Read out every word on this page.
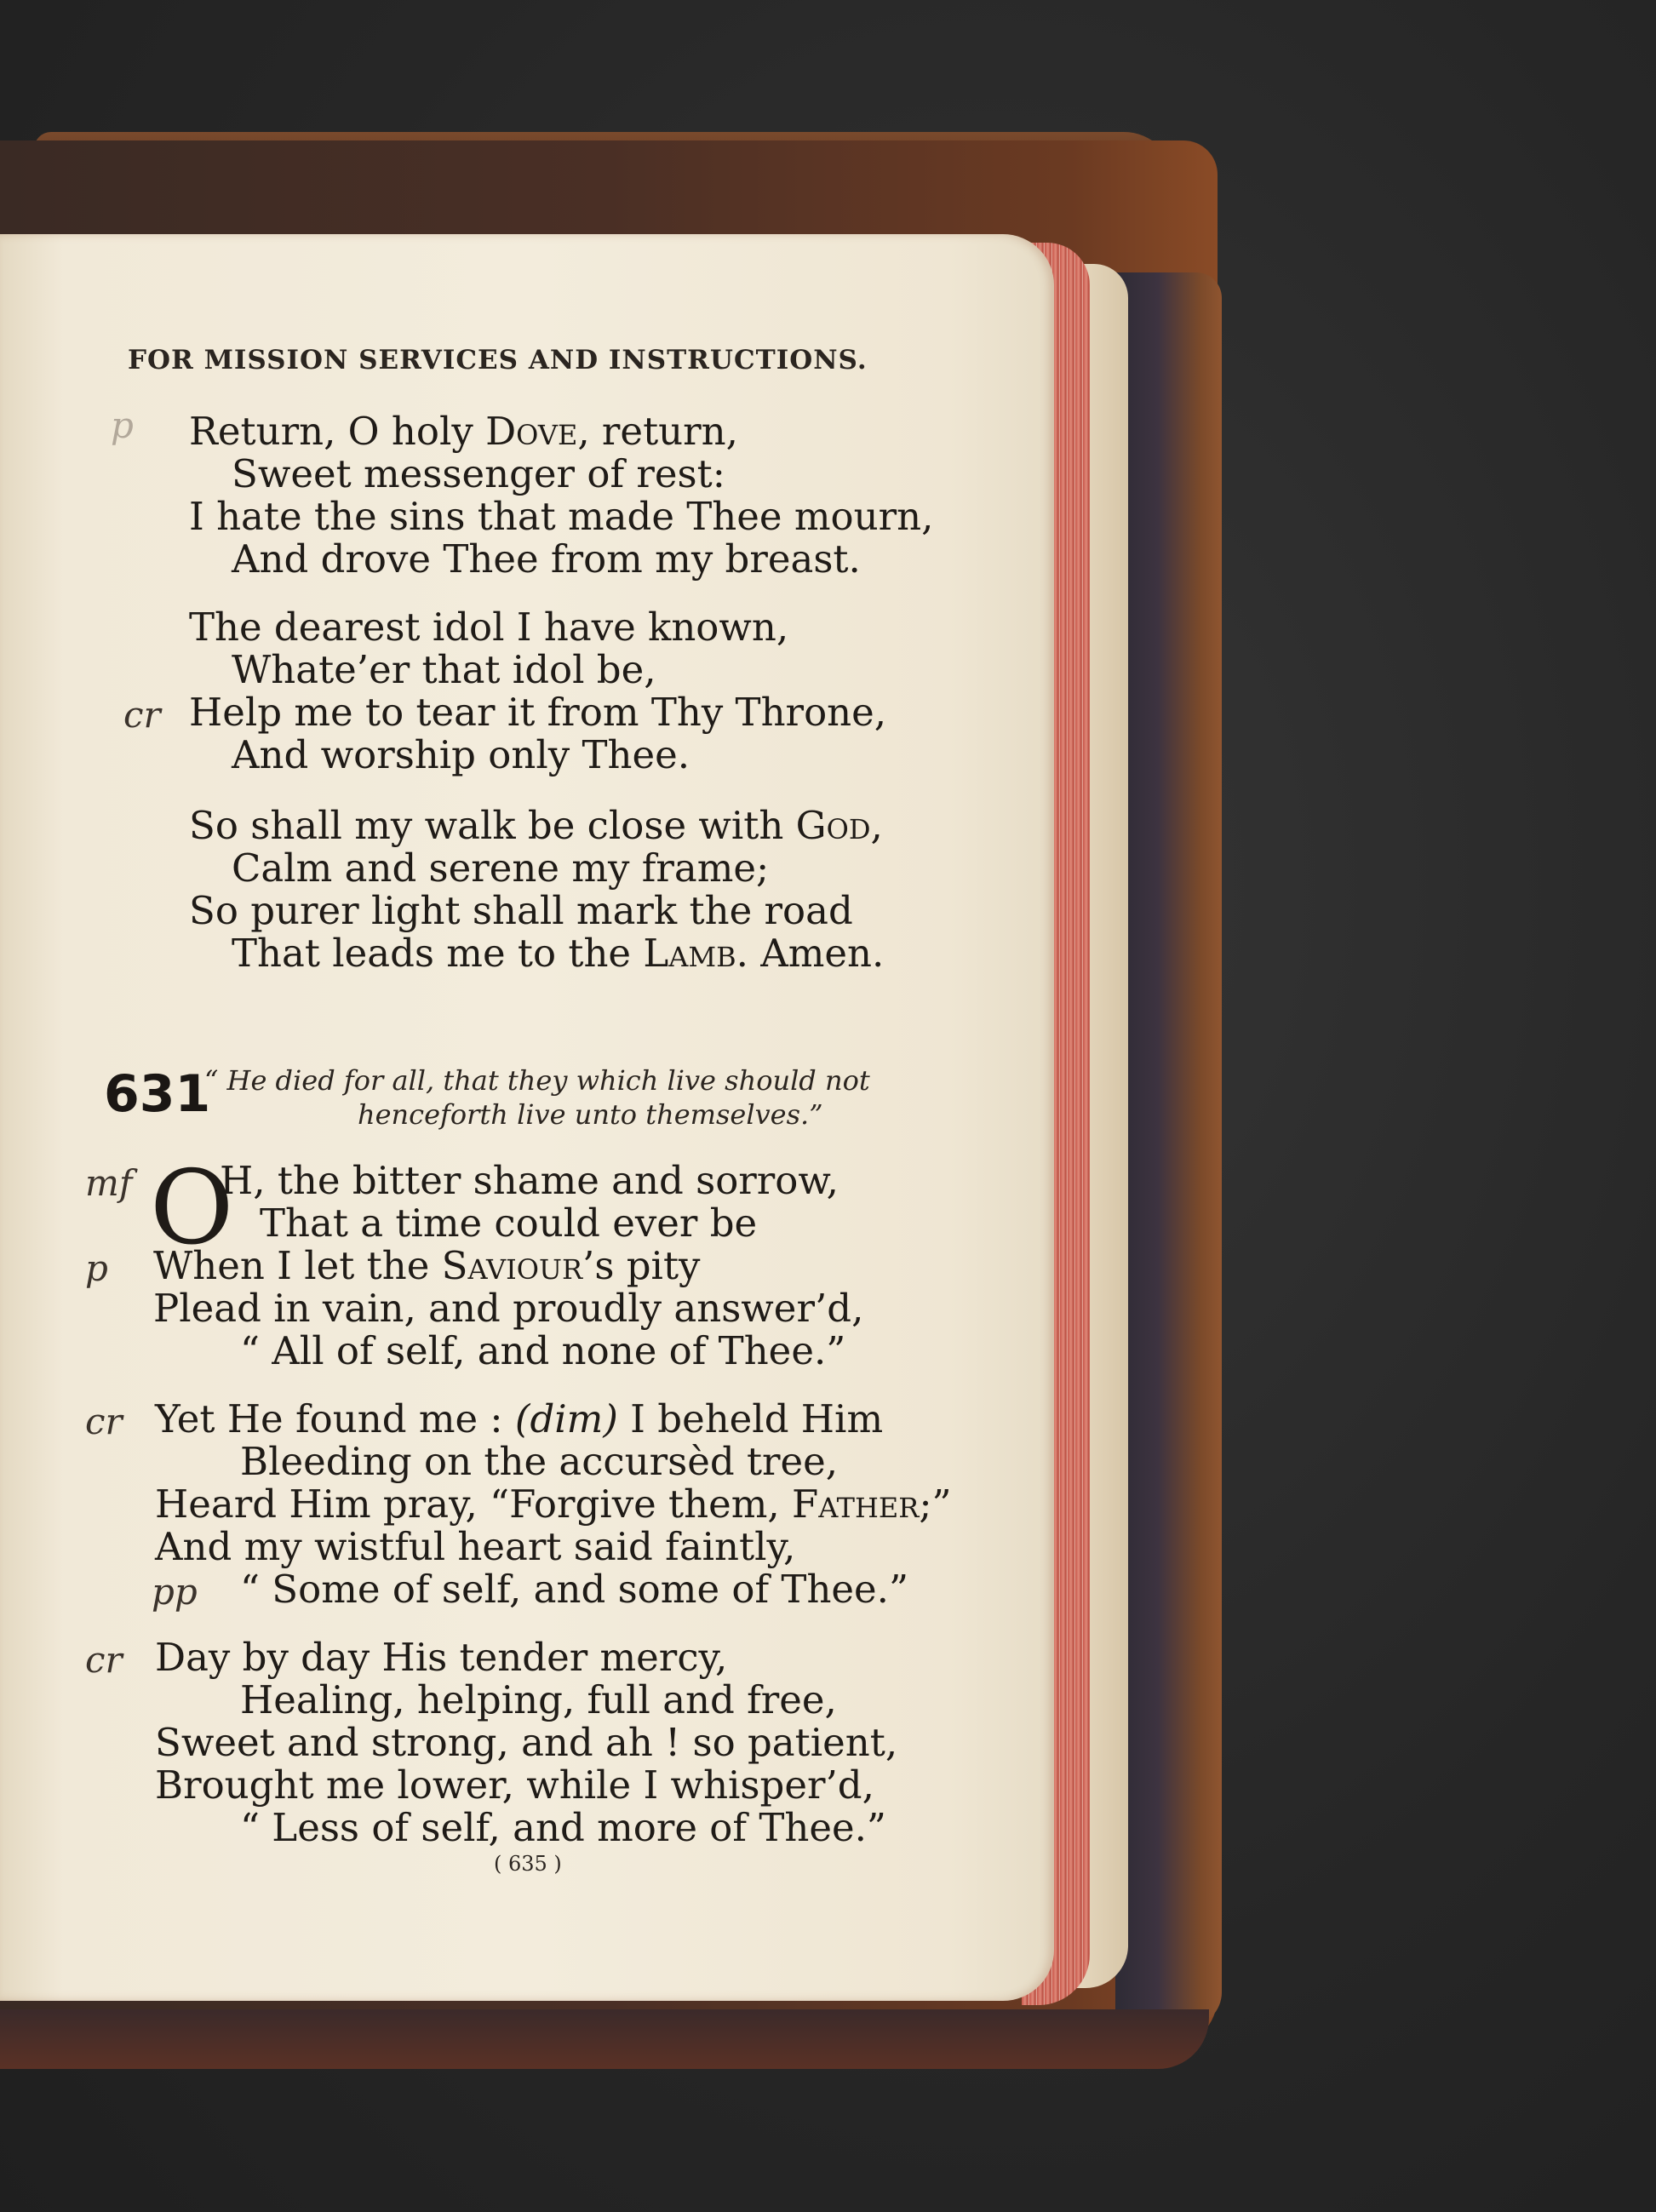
FOR MISSION SERVICES AND INSTRUCTIONS.
p Return, O holy Dove, return,
Sweet messenger of rest:
I hate the sins that made Thee mourn,
And drove Thee from my breast.
The dearest idol I have known,
Whate’er that idol be,
cr Help me to tear it from Thy Throne,
And worship only Thee.
So shall my walk be close with God,
Calm and serene my frame;
So purer light shall mark the road
That leads me to the Lamb. Amen.
631
“ He died for all, that they which live should not
henceforth live unto themselves.”
mf O
H, the bitter shame and sorrow,
That a time could ever be
p When I let the Saviour’s pity
Plead in vain, and proudly answer’d,
“ All of self, and none of Thee.”
cr Yet He found me : (dim) I beheld Him
Bleeding on the accursèd tree,
Heard Him pray, “Forgive them, Father;”
And my wistful heart said faintly,
pp “ Some of self, and some of Thee.”
cr Day by day His tender mercy,
Healing, helping, full and free,
Sweet and strong, and ah ! so patient,
Brought me lower, while I whisper’d,
“ Less of self, and more of Thee.”
( 635 )
